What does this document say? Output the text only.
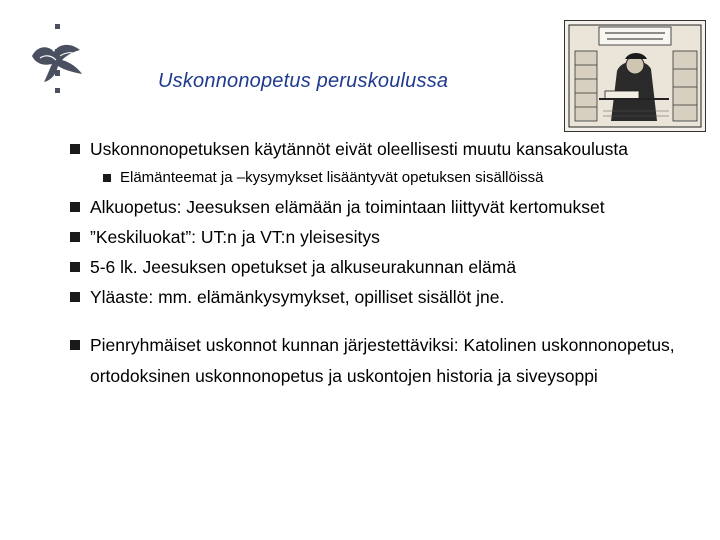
Uskonnonopetus peruskoulussa
Uskonnonopetuksen käytännöt eivät oleellisesti muutu kansakoulusta
Elämänteemat ja –kysymykset lisääntyvät opetuksen sisällöissä
Alkuopetus: Jeesuksen elämään ja toimintaan liittyvät kertomukset
”Keskiluokat”: UT:n ja VT:n yleisesitys
5-6 lk. Jeesuksen opetukset ja alkuseurakunnan elämä
Yläaste: mm. elämänkysymykset, opilliset sisällöt jne.
Pienryhmäiset uskonnot kunnan järjestettäviksi: Katolinen uskonnonopetus, ortodoksinen uskonnonopetus ja uskontojen historia ja siveysoppi
